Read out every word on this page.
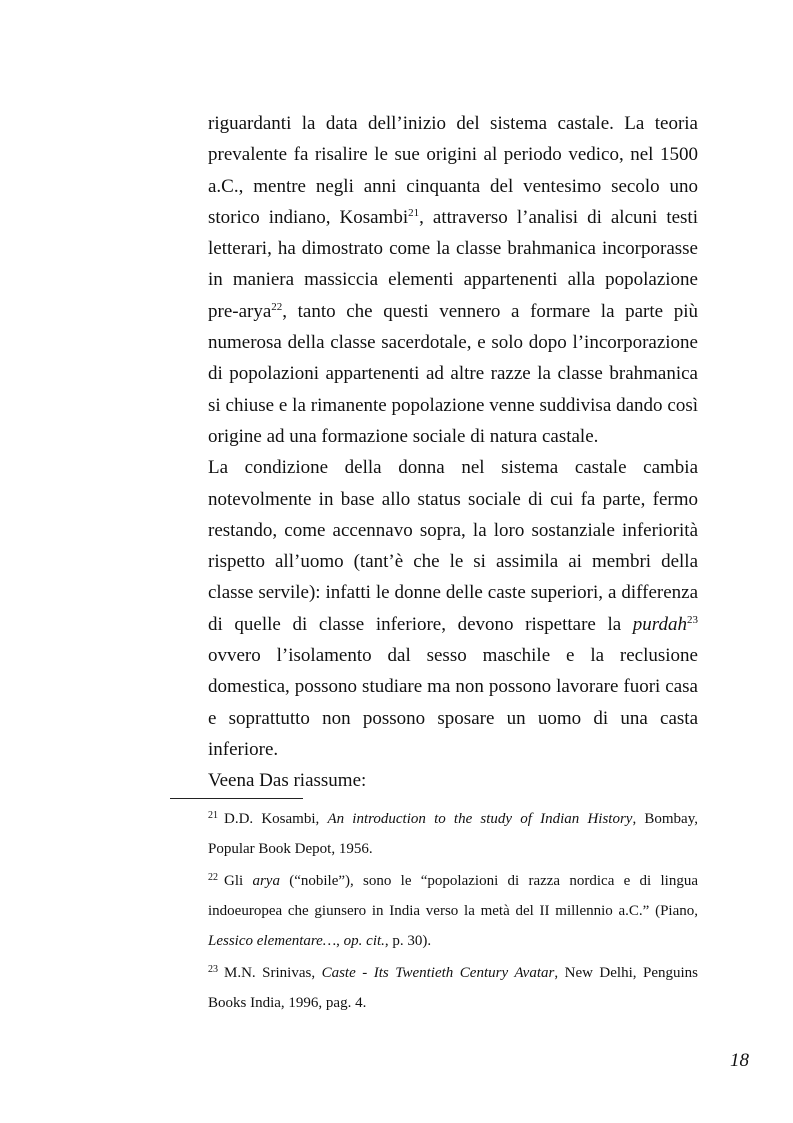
riguardanti la data dell’inizio del sistema castale. La teoria prevalente fa risalire le sue origini al periodo vedico, nel 1500 a.C., mentre negli anni cinquanta del ventesimo secolo uno storico indiano, Kosambi$^{21}$, attraverso l’analisi di alcuni testi letterari, ha dimostrato come la classe brahmanica incorporasse in maniera massiccia elementi appartenenti alla popolazione pre-arya$^{22}$, tanto che questi vennero a formare la parte più numerosa della classe sacerdotale, e solo dopo l’incorporazione di popolazioni appartenenti ad altre razze la classe brahmanica si chiuse e la rimanente popolazione venne suddivisa dando così origine ad una formazione sociale di natura castale.

La condizione della donna nel sistema castale cambia notevolmente in base allo status sociale di cui fa parte, fermo restando, come accennavo sopra, la loro sostanziale inferiorità rispetto all’uomo (tant’è che le si assimila ai membri della classe servile): infatti le donne delle caste superiori, a differenza di quelle di classe inferiore, devono rispettare la purdah$^{23}$ ovvero l’isolamento dal sesso maschile e la reclusione domestica, possono studiare ma non possono lavorare fuori casa e soprattutto non possono sposare un uomo di una casta inferiore.

Veena Das riassume:

$^{21}$ D.D. Kosambi, An introduction to the study of Indian History, Bombay, Popular Book Depot, 1956.

$^{22}$ Gli arya (“nobile”), sono le “popolazioni di razza nordica e di lingua indoeuropea che giunsero in India verso la metà del II millennio a.C.” (Piano, Lessico elementare…, op. cit., p. 30).

$^{23}$ M.N. Srinivas, Caste - Its Twentieth Century Avatar, New Delhi, Penguins Books India, 1996, pag. 4.

18
